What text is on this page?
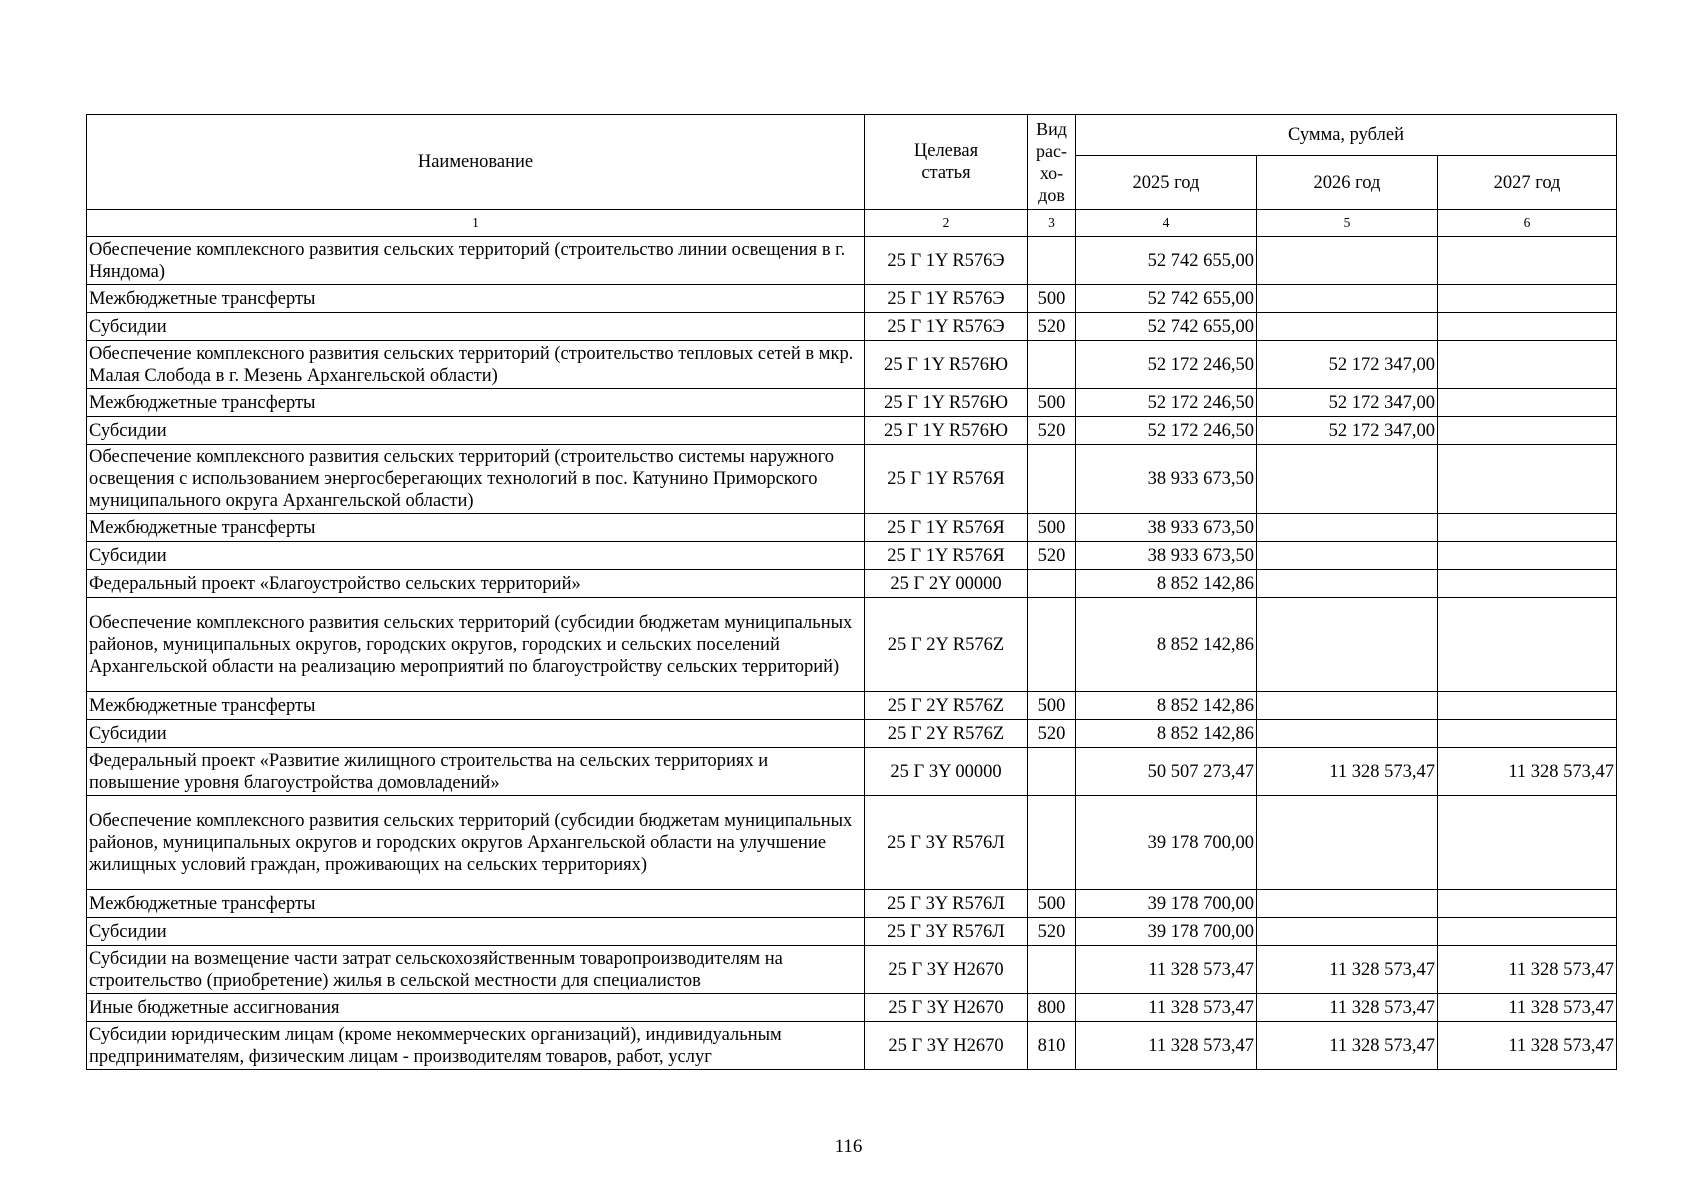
Наименование	Целевая статья	Вид рас-хо-дов	Сумма, рублей		
			2025 год	2026 год	2027 год
1	2	3	4	5	6
Обеспечение комплексного развития сельских территорий (строительство линии освещения в г. Няндома)	25 Г 1Y R576Э		52 742 655,00		
Межбюджетные трансферты	25 Г 1Y R576Э	500	52 742 655,00		
Субсидии	25 Г 1Y R576Э	520	52 742 655,00		
Обеспечение комплексного развития сельских территорий (строительство тепловых сетей в мкр. Малая Слобода в г. Мезень Архангельской области)	25 Г 1Y R576Ю		52 172 246,50	52 172 347,00	
Межбюджетные трансферты	25 Г 1Y R576Ю	500	52 172 246,50	52 172 347,00	
Субсидии	25 Г 1Y R576Ю	520	52 172 246,50	52 172 347,00	
Обеспечение комплексного развития сельских территорий (строительство системы наружного освещения с использованием энергосберегающих технологий в пос. Катунино Приморского муниципального округа Архангельской области)	25 Г 1Y R576Я		38 933 673,50		
Межбюджетные трансферты	25 Г 1Y R576Я	500	38 933 673,50		
Субсидии	25 Г 1Y R576Я	520	38 933 673,50		
Федеральный проект «Благоустройство сельских территорий»	25 Г 2Y 00000		8 852 142,86		
Обеспечение комплексного развития сельских территорий (субсидии бюджетам муниципальных районов, муниципальных округов, городских округов, городских и сельских поселений Архангельской области на реализацию мероприятий по благоустройству сельских территорий)	25 Г 2Y R576Z		8 852 142,86		
Межбюджетные трансферты	25 Г 2Y R576Z	500	8 852 142,86		
Субсидии	25 Г 2Y R576Z	520	8 852 142,86		
Федеральный проект «Развитие жилищного строительства на сельских территориях и повышение уровня благоустройства домовладений»	25 Г 3Y 00000		50 507 273,47	11 328 573,47	11 328 573,47
Обеспечение комплексного развития сельских территорий (субсидии бюджетам муниципальных районов, муниципальных округов и городских округов Архангельской области на улучшение жилищных условий граждан, проживающих на сельских территориях)	25 Г 3Y R576Л		39 178 700,00		
Межбюджетные трансферты	25 Г 3Y R576Л	500	39 178 700,00		
Субсидии	25 Г 3Y R576Л	520	39 178 700,00		
Субсидии на возмещение части затрат сельскохозяйственным товаропроизводителям на строительство (приобретение) жилья в сельской местности для специалистов	25 Г 3Y Н2670		11 328 573,47	11 328 573,47	11 328 573,47
Иные бюджетные ассигнования	25 Г 3Y Н2670	800	11 328 573,47	11 328 573,47	11 328 573,47
Субсидии юридическим лицам (кроме некоммерческих организаций), индивидуальным предпринимателям, физическим лицам - производителям товаров, работ, услуг	25 Г 3Y Н2670	810	11 328 573,47	11 328 573,47	11 328 573,47
116
